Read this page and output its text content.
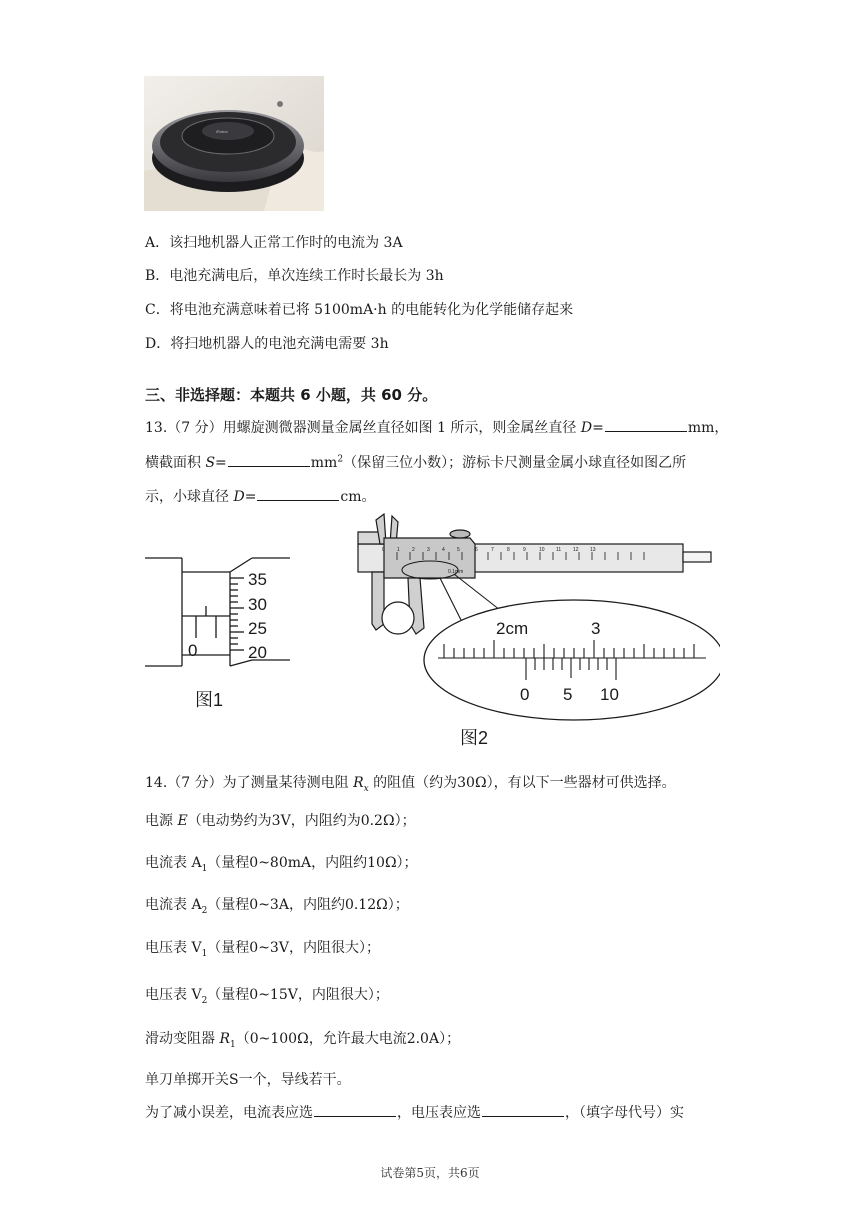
iRobot
A．该扫地机器人正常工作时的电流为 3A
B．电池充满电后，单次连续工作时长最长为 3h
C．将电池充满意味着已将 5100mA·h 的电能转化为化学能储存起来
D．将扫地机器人的电池充满电需要 3h
三、非选择题：本题共 6 小题，共 60 分。
13.（7 分）用螺旋测微器测量金属丝直径如图 1 所示，则金属丝直径 D=	mm，
横截面积 S=	$mm^2$（保留三位小数）；游标卡尺测量金属小球直径如图乙所
示，小球直径 D=	cm。
35
30
25
20
0
图1
0 1 2 3 4 5	6	7	8	9	10 11 12 13
0.1mm
2cm	3
0 5 10
图2
14.（7 分）为了测量某待测电阻 $R_x$ 的阻值（约为30Ω），有以下一些器材可供选择。
电源 E（电动势约为3V，内阻约为0.2Ω）；
电流表 $A_1$（量程0~80mA，内阻约10Ω）；
电流表 $A_2$（量程0~3A，内阻约0.12Ω）；
电压表 $V_1$（量程0~3V，内阻很大）；
电压表 $V_2$（量程0~15V，内阻很大）；
滑动变阻器 $R_1(0\sim 100\Omega$，允许最大电流2.0A）；
单刀单掷开关S一个，导线若干。
为了减小误差，电流表应选	，电压表应选	，（填字母代号）实
试卷第5页，共6页
